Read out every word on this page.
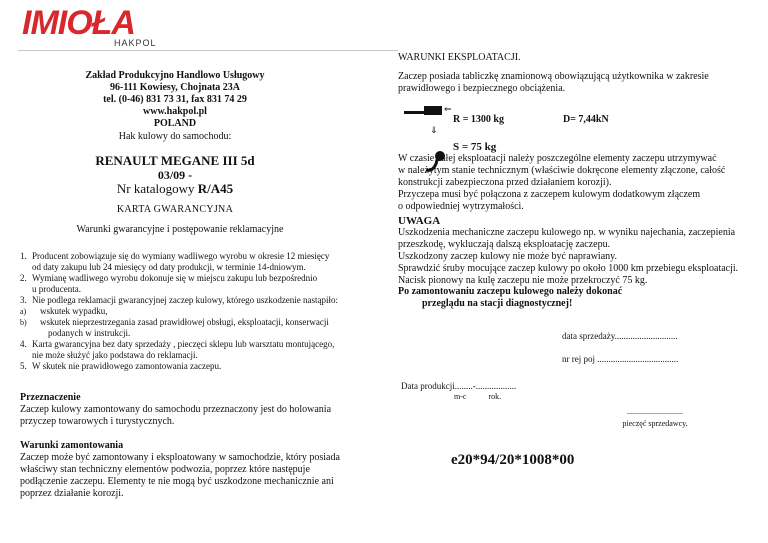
IMIOŁA
HAKPOL
Zakład Produkcyjno Handlowo Usługowy
96-111 Kowiesy, Chojnata 23A
tel. (0-46) 831 73 31, fax 831 74 29
www.hakpol.pl
POLAND
Hak kulowy do samochodu:
RENAULT MEGANE III 5d
03/09 -
Nr katalogowy R/A45
KARTA GWARANCYJNA
Warunki gwarancyjne i postępowanie reklamacyjne
1. Producent zobowiązuje się do wymiany wadliwego wyrobu w okresie 12 miesięcy
od daty zakupu lub 24 miesięcy od daty produkcji, w terminie 14-dniowym.
2. Wymianę wadliwego wyrobu dokonuje się w miejscu zakupu lub bezpośrednio
u producenta.
3. Nie podlega reklamacji gwarancyjnej zaczep kulowy, którego uszkodzenie nastąpiło:
a) wskutek wypadku,
b) wskutek nieprzestrzegania zasad prawidłowej obsługi, eksploatacji, konserwacji
podanych w instrukcji.
4. Karta gwarancyjna bez daty sprzedaży , pieczęci sklepu lub warsztatu montującego,
nie może służyć jako podstawa do reklamacji.
5. W skutek nie prawidłowego zamontowania zaczepu.
Przeznaczenie
Zaczep kulowy zamontowany do samochodu przeznaczony jest do holowania przyczep towarowych i turystycznych.
Warunki zamontowania
Zaczep może być zamontowany i eksploatowany w samochodzie, który posiada właściwy stan techniczny elementów podwozia, poprzez które następuje podłączenie zaczepu. Elementy te nie mogą być uszkodzone mechanicznie ani poprzez działanie korozji.
WARUNKI EKSPLOATACJI.
Zaczep posiada tabliczkę znamionową obowiązującą użytkownika w zakresie prawidłowego i bezpiecznego obciążenia.
⇐
⇓
R = 1300 kg	D= 7,44kN
S = 75 kg
W czasie całej eksploatacji należy poszczególne elementy zaczepu utrzymywać
w należytym stanie technicznym (właściwie dokręcone elementy złączone, całość
konstrukcji zabezpieczona przed działaniem korozji).
Przyczepa musi być połączona z zaczepem kulowym dodatkowym złączem
o odpowiedniej wytrzymałości.
UWAGA
Uszkodzenia mechaniczne zaczepu kulowego np. w wyniku najechania, zaczepienia
przeszkodę, wykluczają dalszą eksploatację zaczepu.
Uszkodzony zaczep kulowy nie może być naprawiany.
Sprawdzić śruby mocujące zaczep kulowy po około 1000 km przebiegu eksploatacji.
Nacisk pionowy na kulę zaczepu nie może przekroczyć 75 kg.
Po zamontowaniu zaczepu kulowego należy dokonać
przeglądu na stacji diagnostycznej!
data sprzedaży............................
nr rej poj ....................................
Data produkcji........-..................
m-c	rok.
............................
pieczęć sprzedawcy.
e20*94/20*1008*00
